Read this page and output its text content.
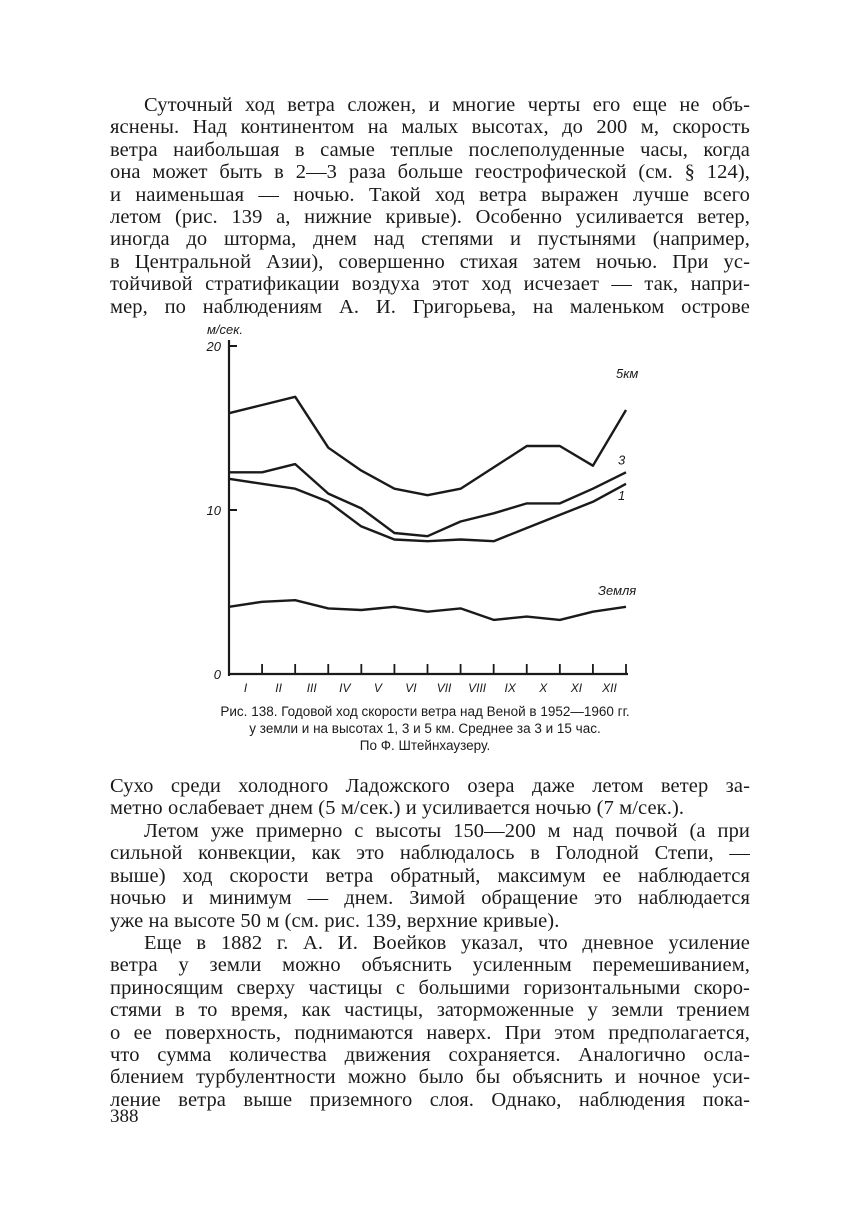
Суточный ход ветра сложен, и многие черты его еще не объ-
яснены. Над континентом на малых высотах, до 200 м, скорость
ветра наибольшая в самые теплые послеполуденные часы, когда
она может быть в 2—3 раза больше геострофической (см. § 124),
и наименьшая — ночью. Такой ход ветра выражен лучше всего
летом (рис. 139 а, нижние кривые). Особенно усиливается ветер,
иногда до шторма, днем над степями и пустынями (например,
в Центральной Азии), совершенно стихая затем ночью. При ус-
тойчивой стратификации воздуха этот ход исчезает — так, напри-
мер, по наблюдениям А. И. Григорьева, на маленьком острове

0
10
20
м/сек.
I II III IV V VI VII VIII IX X XI XII
5км
3
1
Земля
Рис. 138. Годовой ход скорости ветра над Веной в 1952—1960 гг.
у земли и на высотах 1, 3 и 5 км. Среднее за 3 и 15 час.
По Ф. Штейнхаузеру.

Сухо среди холодного Ладожского озера даже летом ветер за-
метно ослабевает днем (5 м/сек.) и усиливается ночью (7 м/сек.).

Летом уже примерно с высоты 150—200 м над почвой (а при
сильной конвекции, как это наблюдалось в Голодной Степи, —
выше) ход скорости ветра обратный, максимум ее наблюдается
ночью и минимум — днем. Зимой обращение это наблюдается
уже на высоте 50 м (см. рис. 139, верхние кривые).

Еще в 1882 г. А. И. Воейков указал, что дневное усиление
ветра у земли можно объяснить усиленным перемешиванием,
приносящим сверху частицы с большими горизонтальными скоро-
стями в то время, как частицы, заторможенные у земли трением
о ее поверхность, поднимаются наверх. При этом предполагается,
что сумма количества движения сохраняется. Аналогично осла-
блением турбулентности можно было бы объяснить и ночное уси-
ление ветра выше приземного слоя. Однако, наблюдения пока-

388
